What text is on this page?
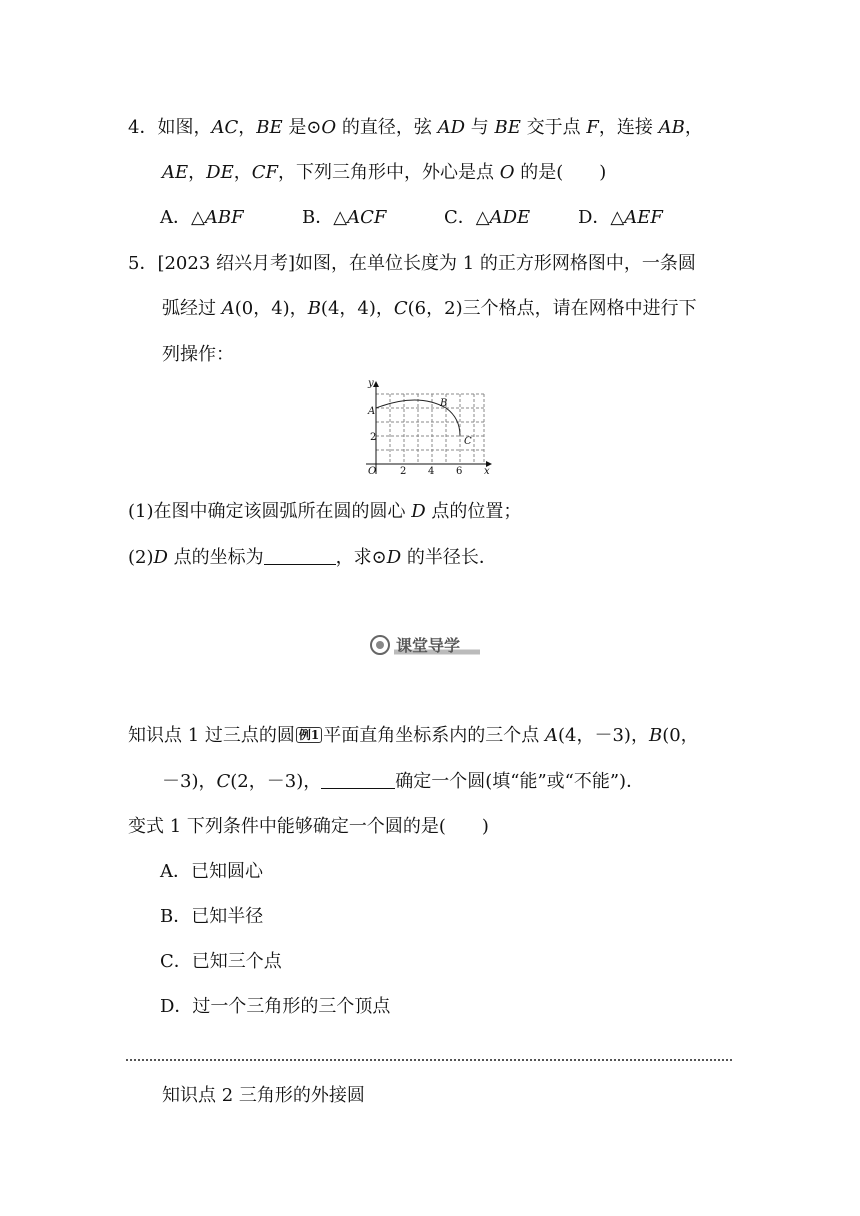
4．如图，AC，BE 是⊙O 的直径，弦 AD 与 BE 交于点 F，连接 AB，
AE，DE，CF，下列三角形中，外心是点 O 的是(　　)
A．△ABF	B．△ACF	C．△ADE	D．△AEF
5．[2023 绍兴月考]如图，在单位长度为 1 的正方形网格图中，一条圆
弧经过 A(0，4)，B(4，4)，C(6，2)三个格点，请在网格中进行下
列操作：
y
x
O 2 4 6
2
A
B
C
(1)在图中确定该圆弧所在圆的圆心 D 点的位置；
(2)D 点的坐标为	，求⊙D 的半径长．
课堂导学
知识点 1 过三点的圆 例1 平面直角坐标系内的三个点 A(4，－3)，B(0，
－3)，C(2，－3)，	确定一个圆(填“能”或“不能”)．
变式 1 下列条件中能够确定一个圆的是(　　)
A．已知圆心
B．已知半径
C．已知三个点
D．过一个三角形的三个顶点
知识点 2 三角形的外接圆
